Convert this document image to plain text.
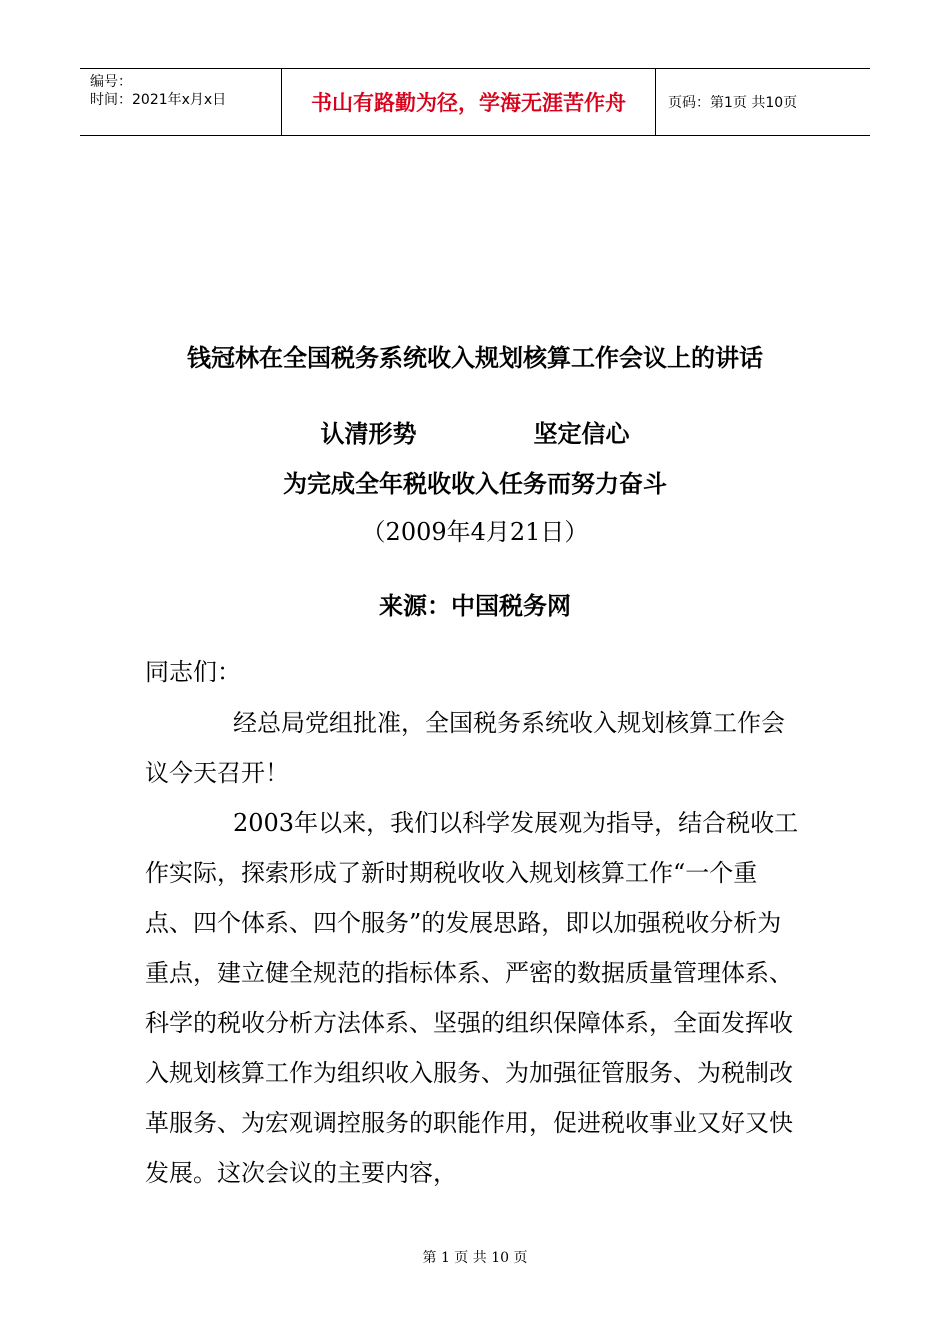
编号：
时间：2021年x月x日	书山有路勤为径，学海无涯苦作舟	页码：第1页 共10页
钱冠林在全国税务系统收入规划核算工作会议上的讲话
认清形势              坚定信心
为完成全年税收收入任务而努力奋斗
（2009年4月21日）
来源：中国税务网
同志们：
经总局党组批准，全国税务系统收入规划核算工作会议今天召开！
2003年以来，我们以科学发展观为指导，结合税收工作实际，探索形成了新时期税收收入规划核算工作“一个重点、四个体系、四个服务”的发展思路，即以加强税收分析为重点，建立健全规范的指标体系、严密的数据质量管理体系、科学的税收分析方法体系、坚强的组织保障体系，全面发挥收入规划核算工作为组织收入服务、为加强征管服务、为税制改革服务、为宏观调控服务的职能作用，促进税收事业又好又快发展。这次会议的主要内容，
第 1 页 共 10 页
